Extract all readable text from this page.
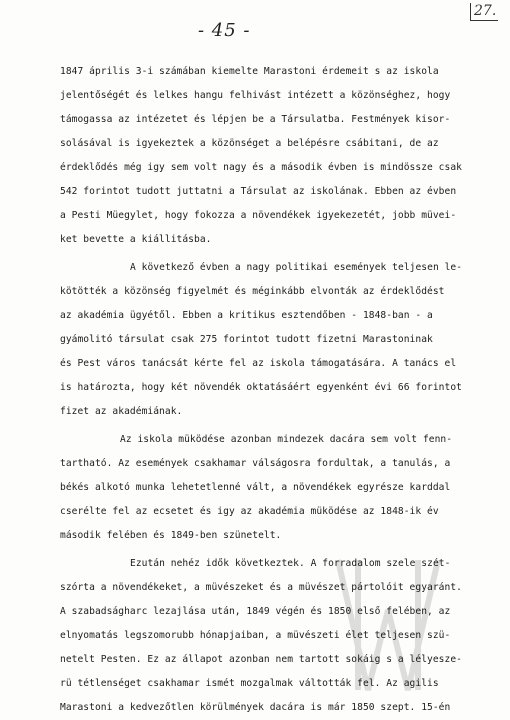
- 45 -
27.
1847 április 3-i számában kiemelte Marastoni érdemeit s az iskola
jelentőségét és lelkes hangu felhivást intézett a közönséghez, hogy
támogassa az intézetet és lépjen be a Társulatba. Festmények kisor-
solásával is igyekeztek a közönséget a belépésre csábitani, de az
érdeklődés még igy sem volt nagy és a második évben is mindössze csak
542 forintot tudott juttatni a Társulat az iskolának. Ebben az évben
a Pesti Müegylet, hogy fokozza a növendékek igyekezetét, jobb müvei-
ket bevette a kiállitásba.
A következő évben a nagy politikai események teljesen le-
kötötték a közönség figyelmét és méginkább elvonták az érdeklődést
az akadémia ügyétől. Ebben a kritikus esztendőben - 1848-ban - a
gyámolitó társulat csak 275 forintot tudott fizetni Marastoninak
és Pest város tanácsát kérte fel az iskola támogatására. A tanács el
is határozta, hogy két növendék oktatásáért egyenként évi 66 forintot
fizet az akadémiának.
Az iskola müködése azonban mindezek dacára sem volt fenn-
tartható. Az események csakhamar válságosra fordultak, a tanulás, a
békés alkotó munka lehetetlenné vált, a növendékek egyrésze karddal
cserélte fel az ecsetet és igy az akadémia müködése az 1848-ik év
második felében és 1849-ben szünetelt.
Ezután nehéz idők következtek. A forradalom szele szét-
szórta a növendékeket, a müvészeket és a müvészet pártolóit egyaránt.
A szabadságharc lezajlása után, 1849 végén és 1850 első felében, az
elnyomatás legszomorubb hónapjaiban, a müvészeti élet teljesen szü-
netelt Pesten. Ez az állapot azonban nem tartott sokáig s a lélyesze-
rü tétlenséget csakhamar ismét mozgalmak váltották fel. Az agilis
Marastoni a kedvezőtlen körülmények dacára is már 1850 szept. 15-én
